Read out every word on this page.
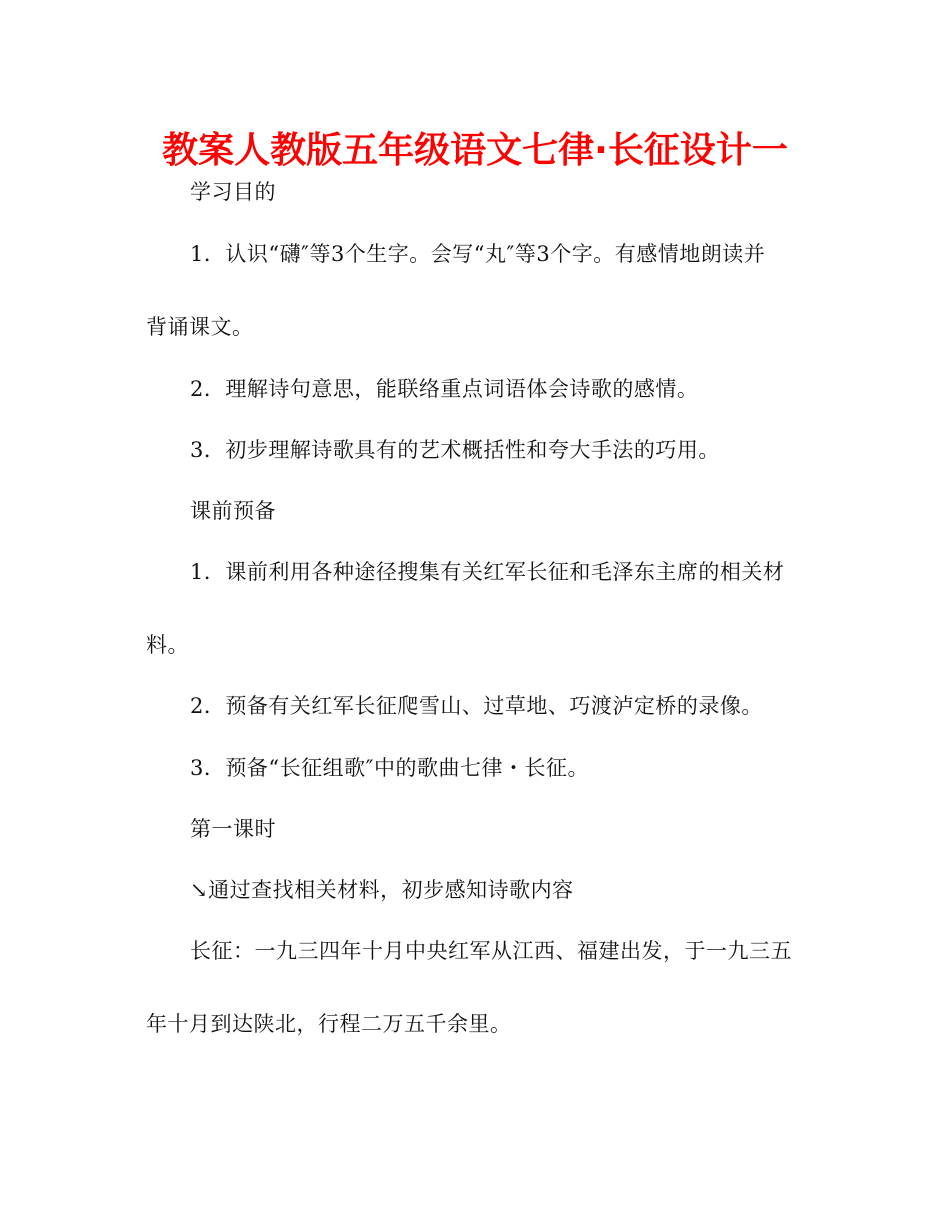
教案人教版五年级语文七律·长征设计一
学习目的
1．认识“礴″等3个生字。会写“丸″等3个字。有感情地朗读并
背诵课文。
2．理解诗句意思，能联络重点词语体会诗歌的感情。
3．初步理解诗歌具有的艺术概括性和夸大手法的巧用。
课前预备
1．课前利用各种途径搜集有关红军长征和毛泽东主席的相关材
料。
2．预备有关红军长征爬雪山、过草地、巧渡泸定桥的录像。
3．预备“长征组歌″中的歌曲七律・长征。
第一课时
↘通过查找相关材料，初步感知诗歌内容
长征：一九三四年十月中央红军从江西、福建出发，于一九三五
年十月到达陕北，行程二万五千余里。
